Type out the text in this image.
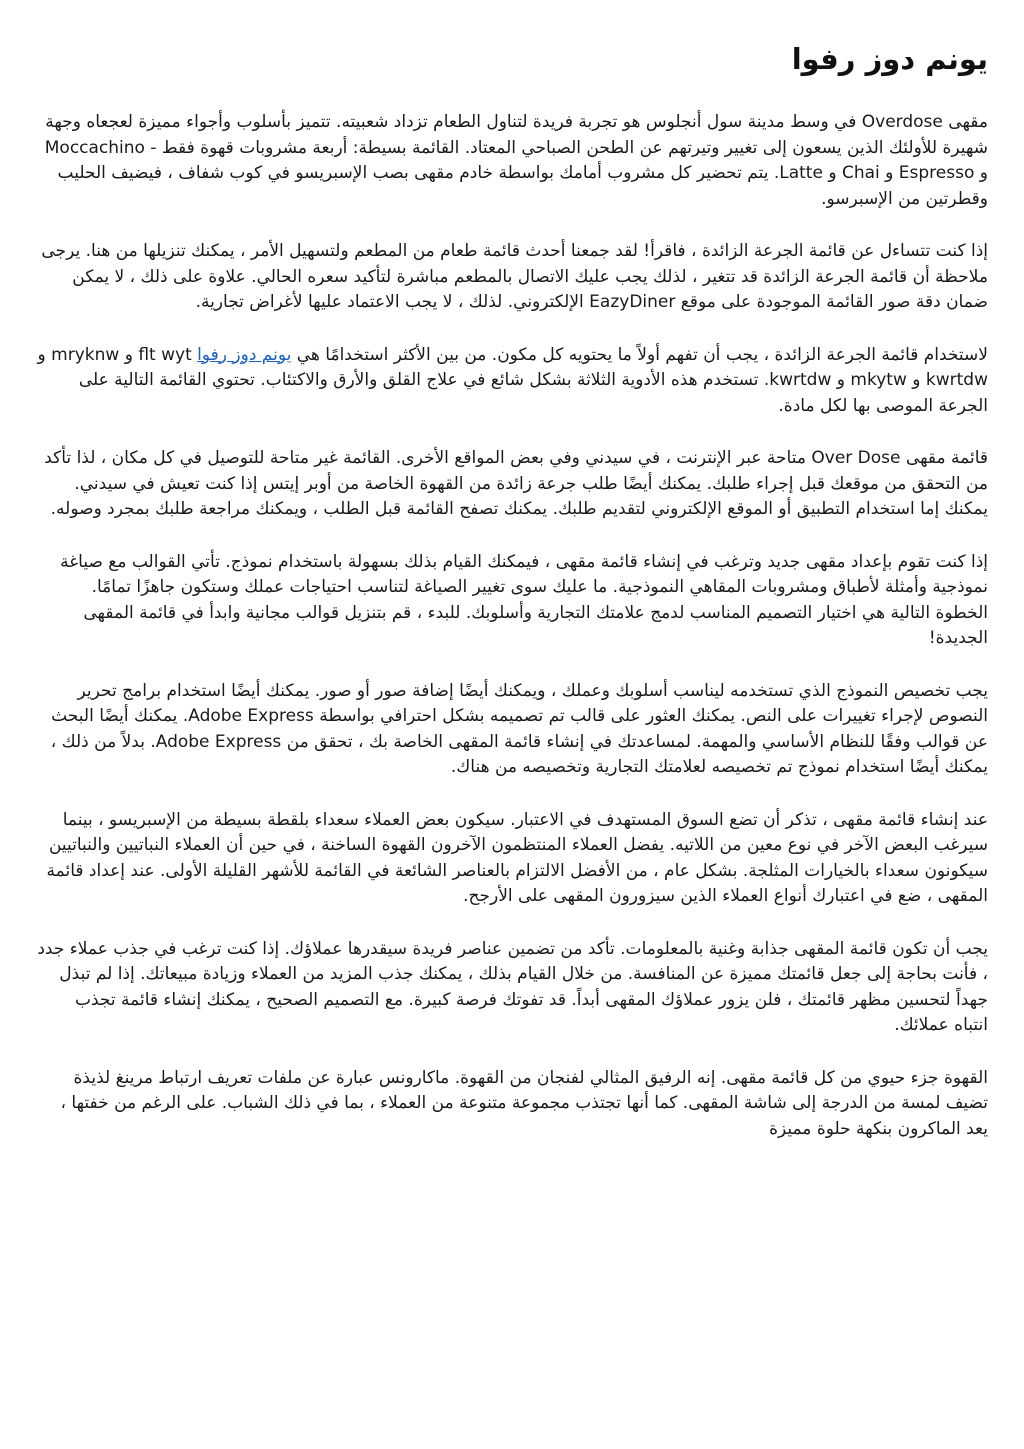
يونم دوز رفوا

مقهى Overdose في وسط مدينة سول أنجلوس هو تجربة فريدة لتناول الطعام تزداد شعبيته. تتميز بأسلوب وأجواء مميزة لعجعاه وجهة شهيرة للأولئك الذين يسعون إلى تغيير وتيرتهم عن الطحن الصباحي المعتاد. القائمة بسيطة: أربعة مشروبات قهوة فقط - Moccachino و Espresso و Chai و Latte. يتم تحضير كل مشروب أمامك بواسطة خادم مقهى بصب الإسبريسو في كوب شفاف ، فيضيف الحليب وقطرتين من الإسبرسو.

إذا كنت تتساءل عن قائمة الجرعة الزائدة ، فاقرأ! لقد جمعنا أحدث قائمة طعام من المطعم ولتسهيل الأمر ، يمكنك تنزيلها من هنا. يرجى ملاحظة أن قائمة الجرعة الزائدة قد تتغير ، لذلك يجب عليك الاتصال بالمطعم مباشرة لتأكيد سعره الحالي. علاوة على ذلك ، لا يمكن ضمان دقة صور القائمة الموجودة على موقع EazyDiner الإلكتروني. لذلك ، لا يجب الاعتماد عليها لأغراض تجارية.

لاستخدام قائمة الجرعة الزائدة ، يجب أن تفهم أولاً ما يحتويه كل مكون. من بين الأكثر استخدامًا هي يونم دوز رفوا flt wyt و mryknw و kwrtdw و mkytw و kwrtdw. تستخدم هذه الأدوية الثلاثة بشكل شائع في علاج القلق والأرق والاكتئاب. تحتوي القائمة التالية على الجرعة الموصى بها لكل مادة.

قائمة مقهى Over Dose متاحة عبر الإنترنت ، في سيدني وفي بعض المواقع الأخرى. القائمة غير متاحة للتوصيل في كل مكان ، لذا تأكد من التحقق من موقعك قبل إجراء طلبك. يمكنك أيضًا طلب جرعة زائدة من القهوة الخاصة من أوبر إيتس إذا كنت تعيش في سيدني. يمكنك إما استخدام التطبيق أو الموقع الإلكتروني لتقديم طلبك. يمكنك تصفح القائمة قبل الطلب ، ويمكنك مراجعة طلبك بمجرد وصوله.

إذا كنت تقوم بإعداد مقهى جديد وترغب في إنشاء قائمة مقهى ، فيمكنك القيام بذلك بسهولة باستخدام نموذج. تأتي القوالب مع صياغة نموذجية وأمثلة لأطباق ومشروبات المقاهي النموذجية. ما عليك سوى تغيير الصياغة لتناسب احتياجات عملك وستكون جاهزًا تمامًا. الخطوة التالية هي اختيار التصميم المناسب لدمج علامتك التجارية وأسلوبك. للبدء ، قم بتنزيل قوالب مجانية وابدأ في قائمة المقهى الجديدة!

يجب تخصيص النموذج الذي تستخدمه ليناسب أسلوبك وعملك ، ويمكنك أيضًا إضافة صور أو صور. يمكنك أيضًا استخدام برامج تحرير النصوص لإجراء تغييرات على النص. يمكنك العثور على قالب تم تصميمه بشكل احترافي بواسطة Adobe Express. يمكنك أيضًا البحث عن قوالب وفقًا للنظام الأساسي والمهمة. لمساعدتك في إنشاء قائمة المقهى الخاصة بك ، تحقق من Adobe Express. بدلاً من ذلك ، يمكنك أيضًا استخدام نموذج تم تخصيصه لعلامتك التجارية وتخصيصه من هناك.

عند إنشاء قائمة مقهى ، تذكر أن تضع السوق المستهدف في الاعتبار. سيكون بعض العملاء سعداء بلقطة بسيطة من الإسبريسو ، بينما سيرغب البعض الآخر في نوع معين من اللاتيه. يفضل العملاء المنتظمون الآخرون القهوة الساخنة ، في حين أن العملاء النباتيين والنباتيين سيكونون سعداء بالخيارات المثلجة. بشكل عام ، من الأفضل الالتزام بالعناصر الشائعة في القائمة للأشهر القليلة الأولى. عند إعداد قائمة المقهى ، ضع في اعتبارك أنواع العملاء الذين سيزورون المقهى على الأرجح.

يجب أن تكون قائمة المقهى جذابة وغنية بالمعلومات. تأكد من تضمين عناصر فريدة سيقدرها عملاؤك. إذا كنت ترغب في جذب عملاء جدد ، فأنت بحاجة إلى جعل قائمتك مميزة عن المنافسة. من خلال القيام بذلك ، يمكنك جذب المزيد من العملاء وزيادة مبيعاتك. إذا لم تبذل جهداً لتحسين مظهر قائمتك ، فلن يزور عملاؤك المقهى أبداً. قد تفوتك فرصة كبيرة. مع التصميم الصحيح ، يمكنك إنشاء قائمة تجذب انتباه عملائك.

القهوة جزء حيوي من كل قائمة مقهى. إنه الرفيق المثالي لفنجان من القهوة. ماكارونس عبارة عن ملفات تعريف ارتباط مرينغ لذيذة تضيف لمسة من الدرجة إلى شاشة المقهى. كما أنها تجتذب مجموعة متنوعة من العملاء ، بما في ذلك الشباب. على الرغم من خفتها ، يعد الماكرون بنكهة حلوة مميزة
